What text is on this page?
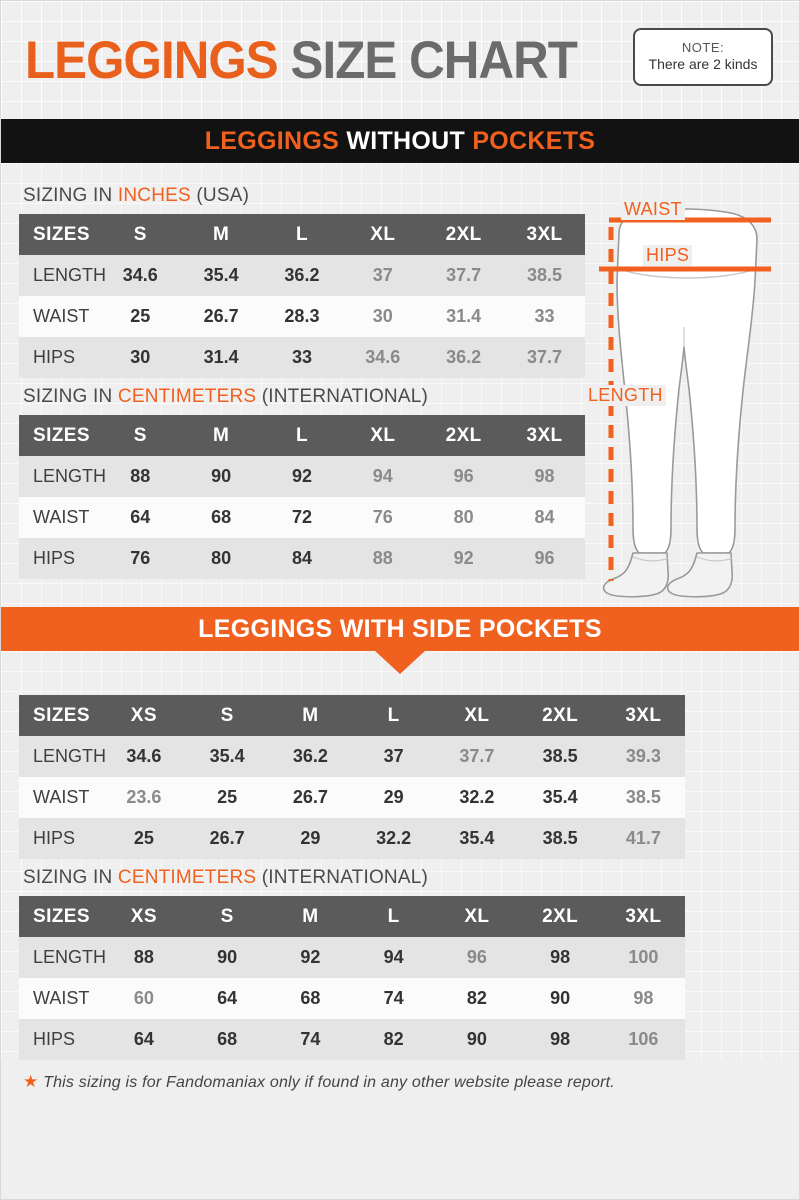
LEGGINGS SIZE CHART	NOTE:
There are 2 kinds
LEGGINGS WITHOUT POCKETS
SIZING IN INCHES (USA)
SIZES	S	M	L	XL	2XL	3XL
LENGTH	34.6	35.4	36.2	37	37.7	38.5
WAIST	25	26.7	28.3	30	31.4	33
HIPS	30	31.4	33	34.6	36.2	37.7
SIZING IN CENTIMETERS (INTERNATIONAL)
SIZES	S	M	L	XL	2XL	3XL
LENGTH	88	90	92	94	96	98
WAIST	64	68	72	76	80	84
HIPS	76	80	84	88	92	96
WAIST
HIPS
LENGTH
LEGGINGS WITH SIDE POCKETS
SIZES	XS	S	M	L	XL	2XL	3XL
LENGTH	34.6	35.4	36.2	37	37.7	38.5	39.3
WAIST	23.6	25	26.7	29	32.2	35.4	38.5
HIPS	25	26.7	29	32.2	35.4	38.5	41.7
SIZING IN CENTIMETERS (INTERNATIONAL)
SIZES	XS	S	M	L	XL	2XL	3XL
LENGTH	88	90	92	94	96	98	100
WAIST	60	64	68	74	82	90	98
HIPS	64	68	74	82	90	98	106
★ This sizing is for Fandomaniax only if found in any other website please report.
